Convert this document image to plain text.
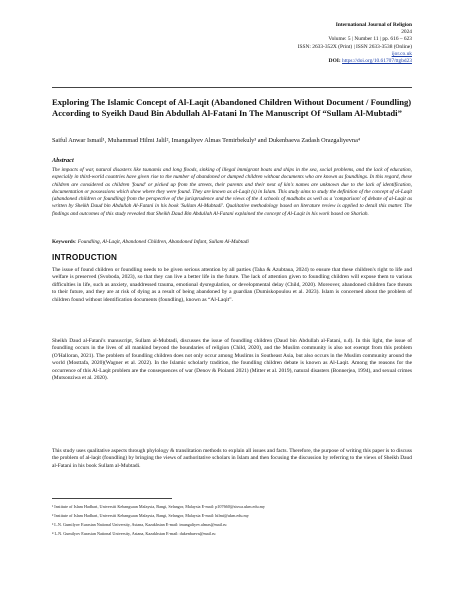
International Journal of Religion
2024
Volume: 5 | Number 11 | pp. 616 – 623
ISSN: 2633-352X (Print) | ISSN 2633-3538 (Online)
ijor.co.uk
DOI: https://doi.org/10.61707/ttgbd23
Exploring The Islamic Concept of Al-Laqit (Abandoned Children Without Document / Foundling) According to Syeikh Daud Bin Abdullah Al-Fatani In The Manuscript Of “Sullam Al-Mubtadi”
Saiful Anwar Ismail¹, Muhammad Hilmi Jalil², Imangaliyev Almas Temirbekuly³ and Dukenbaeva Zadash Orazgaliyevna⁴
Abstract
The impacts of war, natural disasters like tsunamis and long floods, sinking of illegal immigrant boats and ships in the sea, social problems, and the lack of education, especially in third-world countries have given rise to the number of abandoned or dumped children without documents who are known as foundlings. In this regard, these children are considered as children 'found' or picked up from the streets, their parents and their next of kin's names are unknown due to the lack of identification, documentation or possessions which show where they were found. They are known as al-Laqit (s) in Islam. This study aims to study the definition of the concept of al-Laqit (abandoned children or foundling) from the perspective of the jurisprudence and the views of the 4 schools of madhabs as well as a 'comparison' of debate of al-Laqit as written by Sheikh Daud bin Abdullah Al-Fatani in his book 'Sullam Al-Mubtadi'. Qualitative methodology based on literature review is applied to detail this matter. The findings and outcomes of this study revealed that Sheikh Daud Bin Abdullah Al-Fatani explained the concept of Al-Laqit in his work based on Shariah.
Keywords: Foundling, Al-Laqit, Abandoned Children, Abandoned Infant, Sullam Al-Mubtadi
INTRODUCTION
The issue of found children or foundling needs to be given serious attention by all parties (Taha & Azubtaua, 2024) to ensure that these children's right to life and welfare is preserved (Svoboda, 2023), so that they can live a better life in the future. The lack of attention given to foundling children will expose them to various difficulties in life, such as anxiety, unaddressed trauma, emotional dysregulation, or developmental delay (Child, 2020). Moreover, abandoned children face threats to their future, and they are at risk of dying as a result of being abandoned by a guardian (Dumiskopoulou et al. 2023). Islam is concerned about the problem of children found without identification documents (foundling), known as “Al-Laqit”.
Sheikh Daud al-Fatani's manuscript, Sullam al-Mubtadi, discusses the issue of foundling children (Daud bin Abdullah al-Fatani, n.d). In this light, the issue of foundling occurs in the lives of all mankind beyond the boundaries of religion (Child, 2020), and the Muslim community is also not exempt from this problem (O'Halloran, 2021). The problem of foundling children does not only occur among Muslims in Southeast Asia, but also occurs in the Muslim community around the world (Mosttafa, 2020)(Wagner et al. 2022). In the Islamic scholarly tradition, the foundling children debate is known as Al-Laqit. Among the reasons for the occurrence of this Al-Laqit problem are the consequences of war (Denov & Piolanti 2021) (Mitter et al. 2019), natural disasters (Bonnerjea, 1994), and sexual crimes (Mutsonziwa et al. 2020).
This study uses qualitative aspects through phylology & translitation methods to explain all issues and facts. Therefore, the purpose of writing this paper is to discuss the problem of al-laqit (foundling) by bringing the views of authoritative scholars in Islam and then focusing the discussion by referring to the views of Sheikh Daud al-Fatani in his book Sullam al-Mubtadi.
¹ Institute of Islam Hadhari, Universiti Kebangsaan Malaysia, Bangi, Selangor, Malaysia E-mail: p107660@siswa.ukm.edu.my
² Institute of Islam Hadhari, Universiti Kebangsaan Malaysia, Bangi, Selangor, Malaysia E-mail: hilmi@ukm.edu.my
³ L.N. Gumilyov Eurasian National University, Astana, Kazakhstan E-mail: imangaliyev.almas@mail.ru
⁴ L.N. Gumilyov Eurasian National University, Astana, Kazakhstan E-mail: dukenbaeva@mail.ru
